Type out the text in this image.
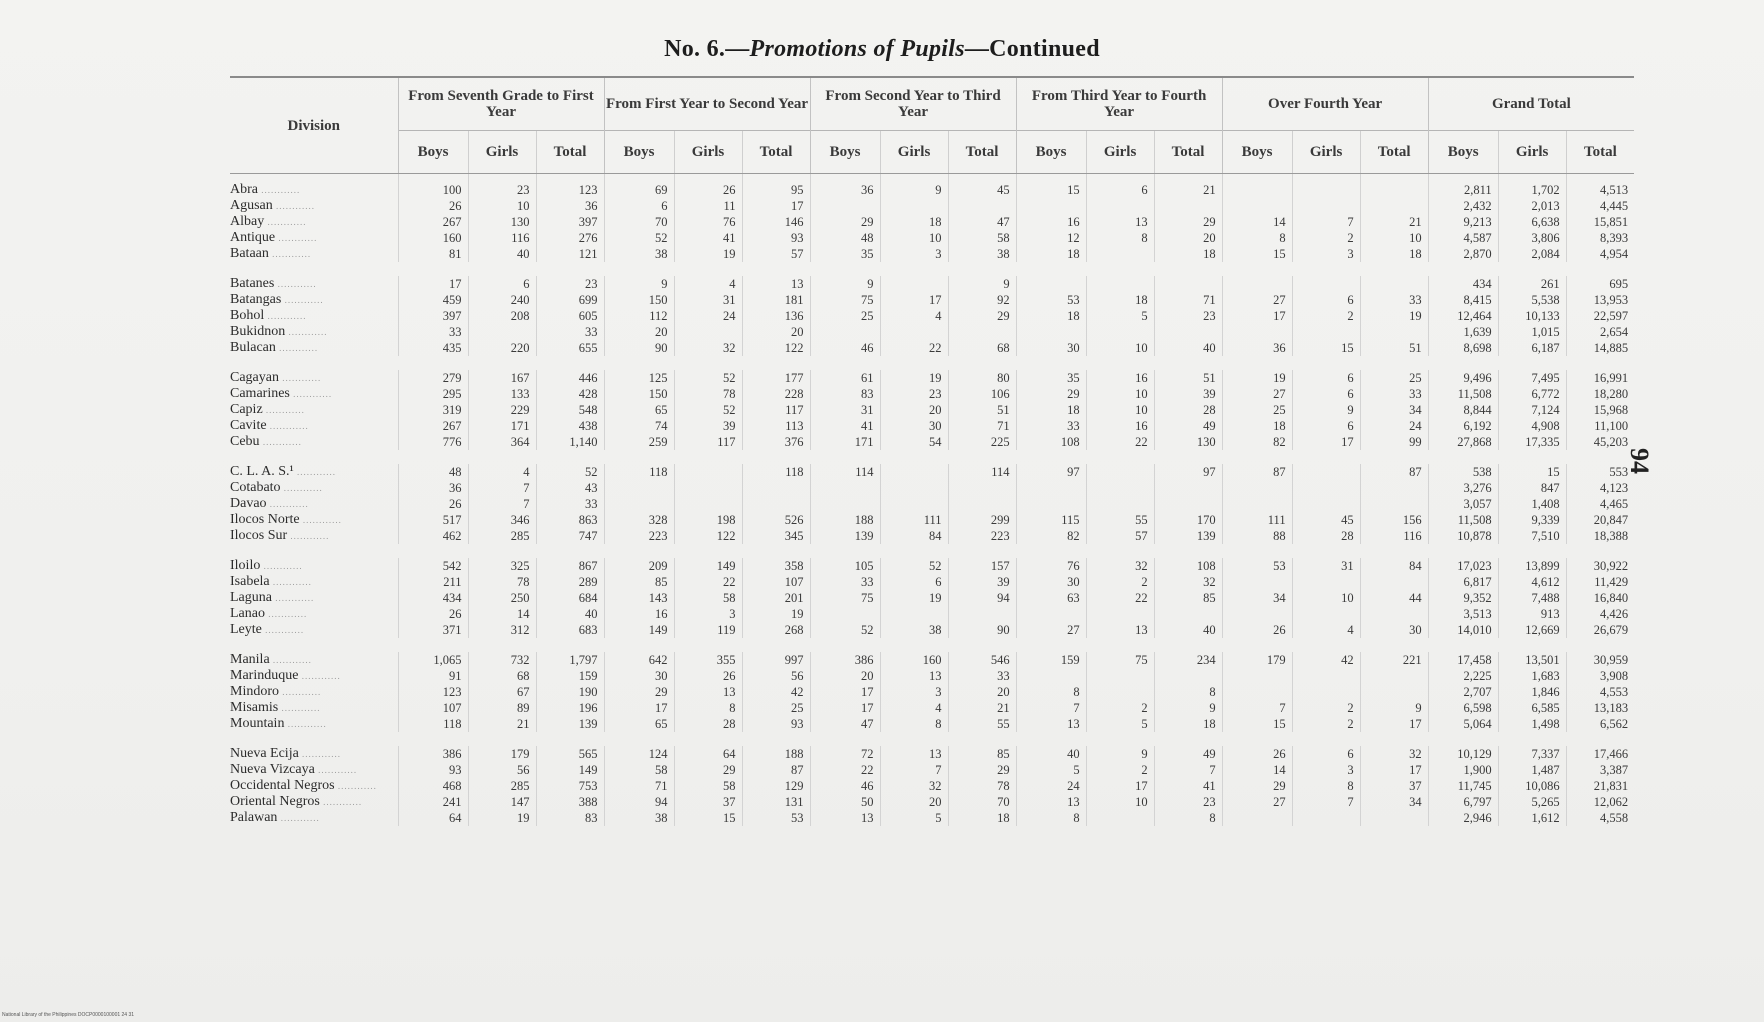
No. 6.—Promotions of Pupils—Continued
94
Division	From Seventh Grade to First Year			From First Year to Second Year			From Second Year to Third Year			From Third Year to Fourth Year			Over Fourth Year			Grand Total		
	Boys	Girls	Total	Boys	Girls	Total	Boys	Girls	Total	Boys	Girls	Total	Boys	Girls	Total	Boys	Girls	Total
Abra ............	100	23	123	69	26	95	36	9	45	15	6	21				2,811	1,702	4,513
Agusan ............	26	10	36	6	11	17										2,432	2,013	4,445
Albay ............	267	130	397	70	76	146	29	18	47	16	13	29	14	7	21	9,213	6,638	15,851
Antique ............	160	116	276	52	41	93	48	10	58	12	8	20	8	2	10	4,587	3,806	8,393
Bataan ............	81	40	121	38	19	57	35	3	38	18		18	15	3	18	2,870	2,084	4,954

Batanes ............	17	6	23	9	4	13	9		9							434	261	695
Batangas ............	459	240	699	150	31	181	75	17	92	53	18	71	27	6	33	8,415	5,538	13,953
Bohol ............	397	208	605	112	24	136	25	4	29	18	5	23	17	2	19	12,464	10,133	22,597
Bukidnon ............	33		33	20		20										1,639	1,015	2,654
Bulacan ............	435	220	655	90	32	122	46	22	68	30	10	40	36	15	51	8,698	6,187	14,885

Cagayan ............	279	167	446	125	52	177	61	19	80	35	16	51	19	6	25	9,496	7,495	16,991
Camarines ............	295	133	428	150	78	228	83	23	106	29	10	39	27	6	33	11,508	6,772	18,280
Capiz ............	319	229	548	65	52	117	31	20	51	18	10	28	25	9	34	8,844	7,124	15,968
Cavite ............	267	171	438	74	39	113	41	30	71	33	16	49	18	6	24	6,192	4,908	11,100
Cebu ............	776	364	1,140	259	117	376	171	54	225	108	22	130	82	17	99	27,868	17,335	45,203

C. L. A. S.¹ ............	48	4	52	118		118	114		114	97		97	87		87	538	15	553
Cotabato ............	36	7	43													3,276	847	4,123
Davao ............	26	7	33													3,057	1,408	4,465
Ilocos Norte ............	517	346	863	328	198	526	188	111	299	115	55	170	111	45	156	11,508	9,339	20,847
Ilocos Sur ............	462	285	747	223	122	345	139	84	223	82	57	139	88	28	116	10,878	7,510	18,388

Iloilo ............	542	325	867	209	149	358	105	52	157	76	32	108	53	31	84	17,023	13,899	30,922
Isabela ............	211	78	289	85	22	107	33	6	39	30	2	32				6,817	4,612	11,429
Laguna ............	434	250	684	143	58	201	75	19	94	63	22	85	34	10	44	9,352	7,488	16,840
Lanao ............	26	14	40	16	3	19										3,513	913	4,426
Leyte ............	371	312	683	149	119	268	52	38	90	27	13	40	26	4	30	14,010	12,669	26,679

Manila ............	1,065	732	1,797	642	355	997	386	160	546	159	75	234	179	42	221	17,458	13,501	30,959
Marinduque ............	91	68	159	30	26	56	20	13	33							2,225	1,683	3,908
Mindoro ............	123	67	190	29	13	42	17	3	20	8		8				2,707	1,846	4,553
Misamis ............	107	89	196	17	8	25	17	4	21	7	2	9	7	2	9	6,598	6,585	13,183
Mountain ............	118	21	139	65	28	93	47	8	55	13	5	18	15	2	17	5,064	1,498	6,562

Nueva Ecija ............	386	179	565	124	64	188	72	13	85	40	9	49	26	6	32	10,129	7,337	17,466
Nueva Vizcaya ............	93	56	149	58	29	87	22	7	29	5	2	7	14	3	17	1,900	1,487	3,387
Occidental Negros ............	468	285	753	71	58	129	46	32	78	24	17	41	29	8	37	11,745	10,086	21,831
Oriental Negros ............	241	147	388	94	37	131	50	20	70	13	10	23	27	7	34	6,797	5,265	12,062
Palawan ............	64	19	83	38	15	53	13	5	18	8		8				2,946	1,612	4,558
National Library of the Philippines DOCP0000100001 24 31
